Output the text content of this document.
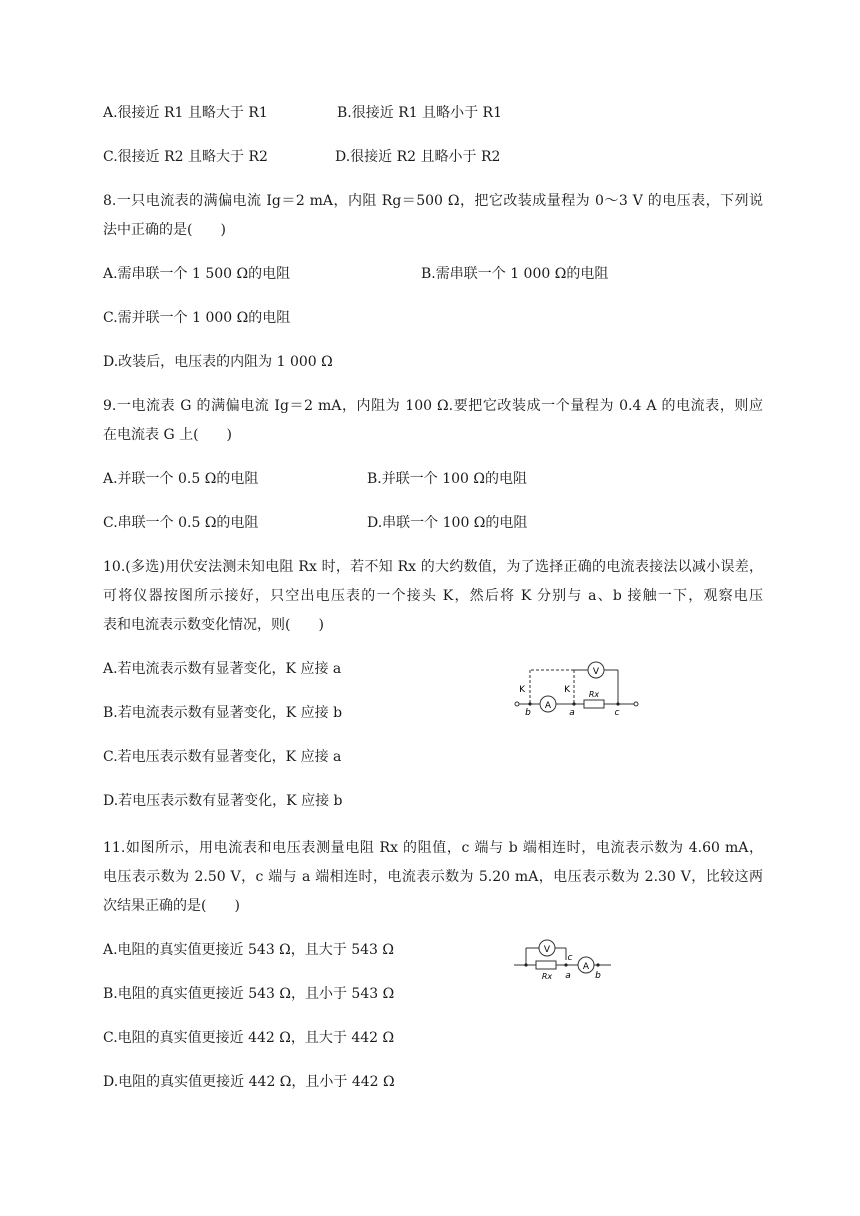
A.很接近 R1 且略大于 R1	B.很接近 R1 且略小于 R1
C.很接近 R2 且略大于 R2	D.很接近 R2 且略小于 R2
8.一只电流表的满偏电流 Ig＝2 mA，内阻 Rg＝500 Ω，把它改装成量程为 0～3 V 的电压表，下列说
法中正确的是(　　)
A.需串联一个 1 500 Ω的电阻	B.需串联一个 1 000 Ω的电阻
C.需并联一个 1 000 Ω的电阻
D.改装后，电压表的内阻为 1 000 Ω
9.一电流表 G 的满偏电流 Ig＝2 mA，内阻为 100 Ω.要把它改装成一个量程为 0.4 A 的电流表，则应
在电流表 G 上(　　)
A.并联一个 0.5 Ω的电阻	B.并联一个 100 Ω的电阻
C.串联一个 0.5 Ω的电阻	D.串联一个 100 Ω的电阻
10.(多选)用伏安法测未知电阻 Rx 时，若不知 Rx 的大约数值，为了选择正确的电流表接法以减小误差，
可将仪器按图所示接好，只空出电压表的一个接头 K，然后将 K 分别与 a、b 接触一下，观察电压
表和电流表示数变化情况，则(　　)
A.若电流表示数有显著变化，K 应接 a
B.若电流表示数有显著变化，K 应接 b
C.若电压表示数有显著变化，K 应接 a
D.若电压表示数有显著变化，K 应接 b
V
A
K	K Rx
b	a	c
11.如图所示，用电流表和电压表测量电阻 Rx 的阻值，c 端与 b 端相连时，电流表示数为 4.60 mA，
电压表示数为 2.50 V，c 端与 a 端相连时，电流表示数为 5.20 mA，电压表示数为 2.30 V，比较这两
次结果正确的是(　　)
A.电阻的真实值更接近 543 Ω，且大于 543 Ω
B.电阻的真实值更接近 543 Ω，且小于 543 Ω
C.电阻的真实值更接近 442 Ω，且大于 442 Ω
D.电阻的真实值更接近 442 Ω，且小于 442 Ω
V
A
Rx
c
a	b
